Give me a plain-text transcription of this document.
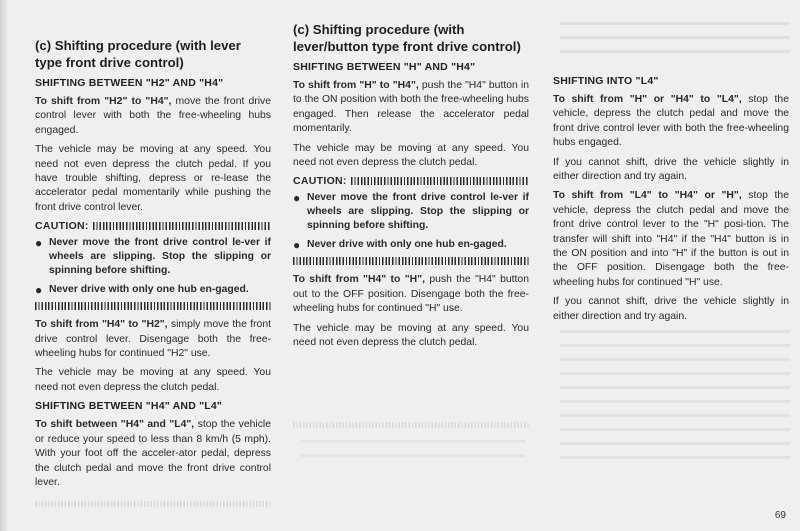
(c) Shifting procedure (with lever type front drive control)
SHIFTING BETWEEN "H2" AND "H4"

To shift from "H2" to "H4", move the front drive control lever with both the free-wheeling hubs engaged.

The vehicle may be moving at any speed. You need not even depress the clutch pedal. If you have trouble shifting, depress or re-lease the accelerator pedal momentarily while pushing the front drive control lever.

CAUTION:
● Never move the front drive control le-ver if wheels are slipping. Stop the slipping or spinning before shifting.
● Never drive with only one hub en-gaged.

To shift from "H4" to "H2", simply move the front drive control lever. Disengage both the free-wheeling hubs for continued "H2" use.

The vehicle may be moving at any speed. You need not even depress the clutch pedal.

SHIFTING BETWEEN "H4" AND "L4"

To shift between "H4" and "L4", stop the vehicle or reduce your speed to less than 8 km/h (5 mph). With your foot off the acceler-ator pedal, depress the clutch pedal and move the front drive control lever.

(c) Shifting procedure (with lever/button type front drive control)
SHIFTING BETWEEN "H" AND "H4"

To shift from "H" to "H4", push the "H4" button in to the ON position with both the free-wheeling hubs engaged. Then release the accelerator pedal momentarily.

The vehicle may be moving at any speed. You need not even depress the clutch pedal.

CAUTION:
● Never move the front drive control le-ver if wheels are slipping. Stop the slipping or spinning before shifting.
● Never drive with only one hub en-gaged.

To shift from "H4" to "H", push the "H4" button out to the OFF position. Disengage both the free-wheeling hubs for continued "H" use.

The vehicle may be moving at any speed. You need not even depress the clutch pedal.

SHIFTING INTO "L4"

To shift from "H" or "H4" to "L4", stop the vehicle, depress the clutch pedal and move the front drive control lever with both the free-wheeling hubs engaged.

If you cannot shift, drive the vehicle slightly in either direction and try again.

To shift from "L4" to "H4" or "H", stop the vehicle, depress the clutch pedal and move the front drive control lever to the "H" posi-tion. The transfer will shift into "H4" if the "H4" button is in the ON position and into "H" if the button is out in the OFF position. Disengage both the free-wheeling hubs for continued "H" use.

If you cannot shift, drive the vehicle slightly in either direction and try again.

69
